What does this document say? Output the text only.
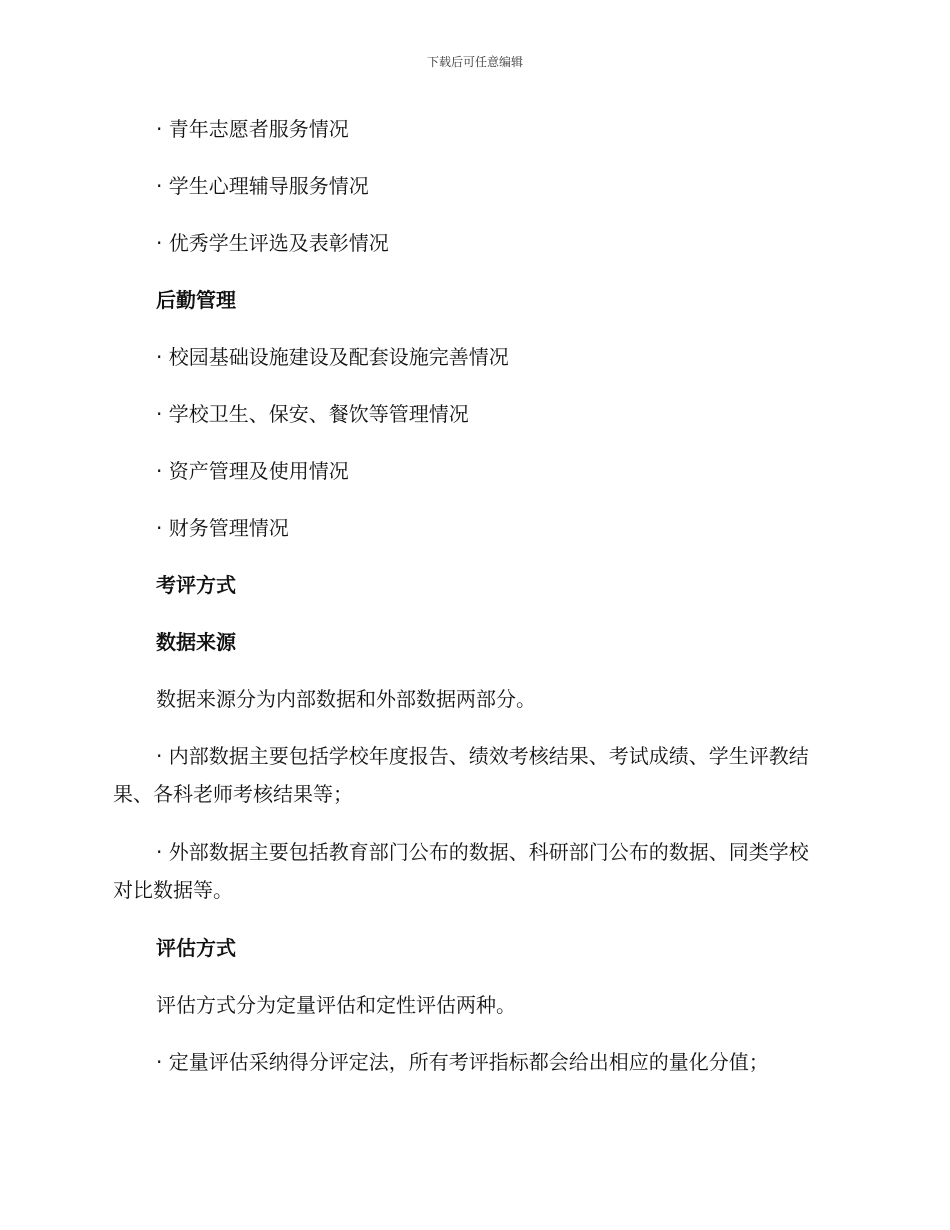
下载后可任意编辑
· 青年志愿者服务情况
· 学生心理辅导服务情况
· 优秀学生评选及表彰情况
后勤管理
· 校园基础设施建设及配套设施完善情况
· 学校卫生、保安、餐饮等管理情况
· 资产管理及使用情况
· 财务管理情况
考评方式
数据来源
数据来源分为内部数据和外部数据两部分。
· 内部数据主要包括学校年度报告、绩效考核结果、考试成绩、学生评教结果、各科老师考核结果等；
· 外部数据主要包括教育部门公布的数据、科研部门公布的数据、同类学校对比数据等。
评估方式
评估方式分为定量评估和定性评估两种。
· 定量评估采纳得分评定法，所有考评指标都会给出相应的量化分值；
